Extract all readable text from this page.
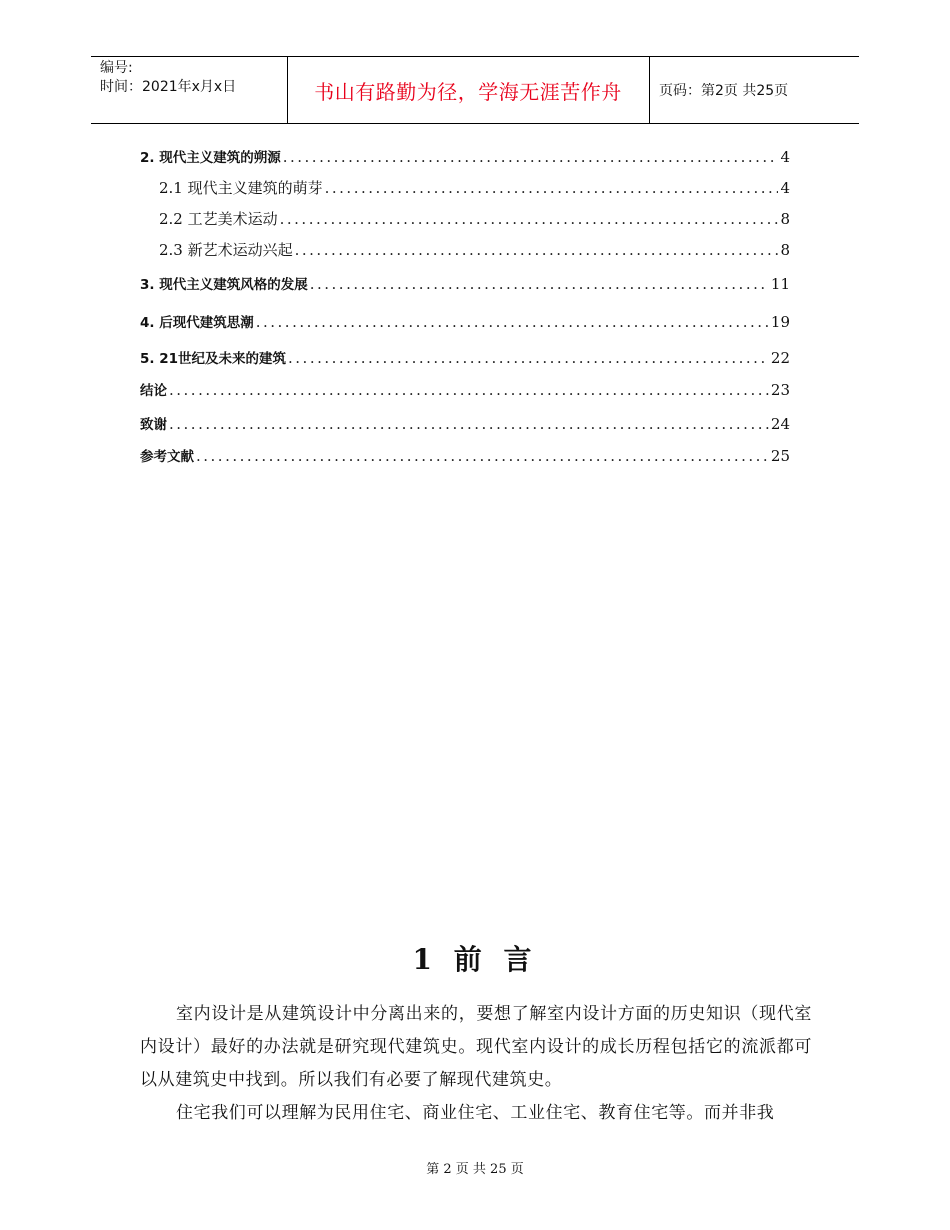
编号:
时间：2021年x月x日	书山有路勤为径，学海无涯苦作舟	页码：第2页 共25页
2. 现代主义建筑的朔源 .....	4
2.1 现代主义建筑的萌芽 .....	4
2.2 工艺美术运动 .....	8
2.3 新艺术运动兴起 .....	8
3. 现代主义建筑风格的发展 .....	11
4. 后现代建筑思潮 .....	19
5. 21世纪及未来的建筑 .....	22
结论 .....	23
致谢 .....	24
参考文献 .....	25
1 前 言
室内设计是从建筑设计中分离出来的，要想了解室内设计方面的历史知识（现代室内设计）最好的办法就是研究现代建筑史。现代室内设计的成长历程包括它的流派都可以从建筑史中找到。所以我们有必要了解现代建筑史。
住宅我们可以理解为民用住宅、商业住宅、工业住宅、教育住宅等。而并非我
第 2 页 共 25 页
